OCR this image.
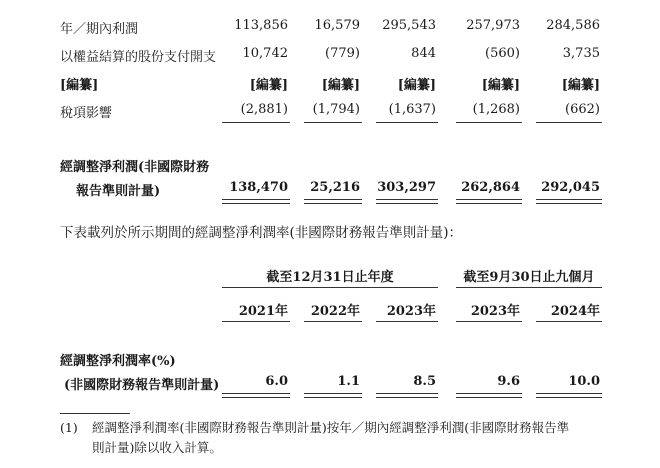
年／期內利潤	113,856	16,579	295,543	257,973	284,586
以權益結算的股份支付開支	10,742	(779)	844	(560)	3,735
[編纂]	[編纂]	[編纂]	[編纂]	[編纂]	[編纂]
稅項影響	(2,881)	(1,794)	(1,637)	(1,268)	(662)
經調整淨利潤(非國際財務
報告準則計量)	138,470	25,216	303,297	262,864	292,045
下表載列於所示期間的經調整淨利潤率(非國際財務報告準則計量)：
截至12月31日止年度	截至9月30日止九個月
2021年	2022年	2023年	2023年	2024年
經調整淨利潤率(%)
(非國際財務報告準則計量)	6.0	1.1	8.5	9.6	10.0
(1) 經調整淨利潤率(非國際財務報告準則計量)按年／期內經調整淨利潤(非國際財務報告準
則計量)除以收入計算。
